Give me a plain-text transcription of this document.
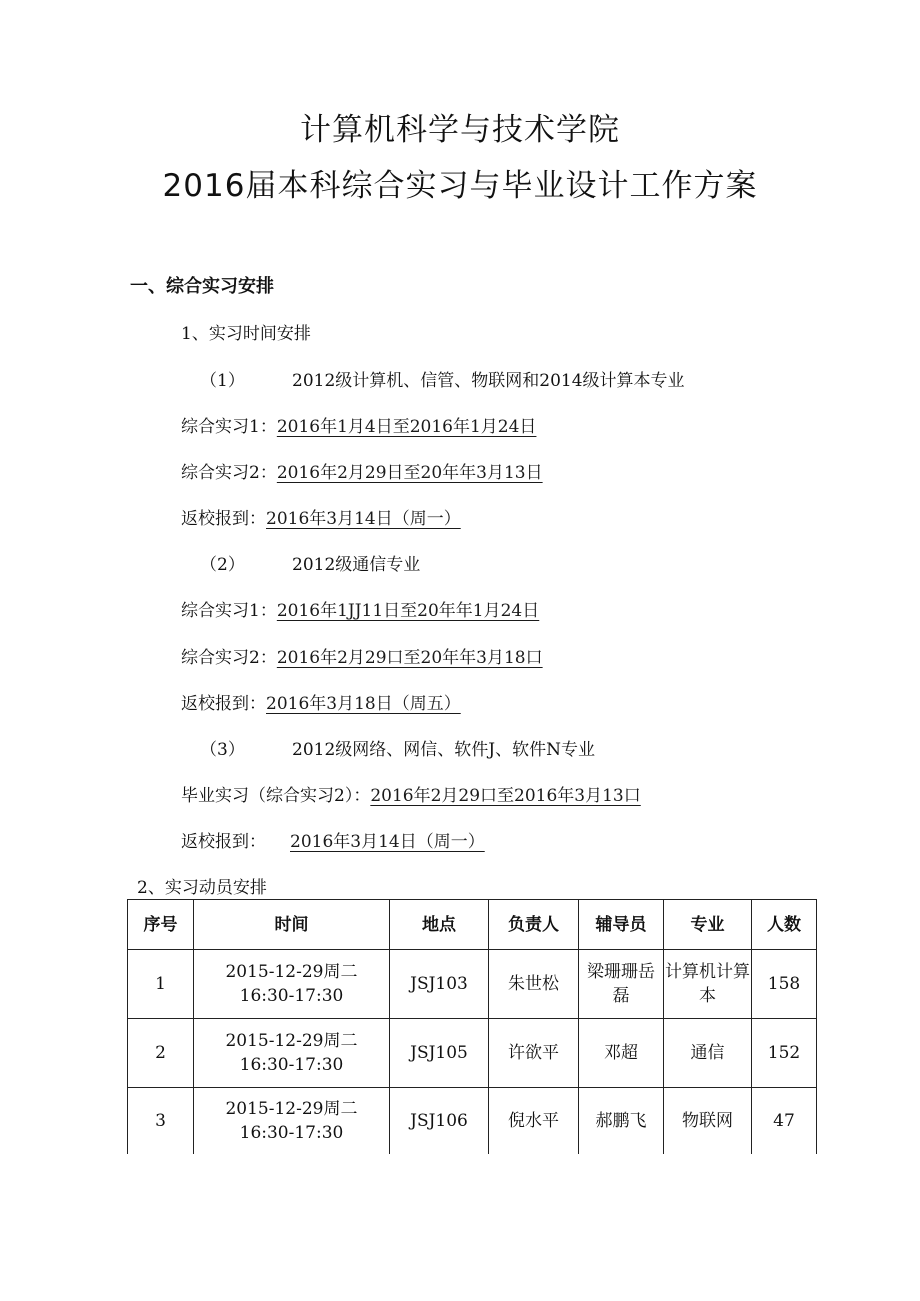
计算机科学与技术学院
2016届本科综合实习与毕业设计工作方案
一、综合实习安排
1、实习时间安排
（1）	2012级计算机、信管、物联网和2014级计算本专业
综合实习1：2016年1月4日至2016年1月24日
综合实习2：2016年2月29日至20年年3月13日
返校报到：2016年3月14日（周一）
（2）	2012级通信专业
综合实习1：2016年1JJ11日至20年年1月24日
综合实习2：2016年2月29口至20年年3月18口
返校报到：2016年3月18日（周五）
（3）	2012级网络、网信、软件J、软件N专业
毕业实习（综合实习2）：2016年2月29口至2016年3月13口
返校报到： 2016年3月14日（周一）
2、实习动员安排
序号	时间	地点	负责人	辅导员	专业	人数
1	2015-12-29周二
16:30-17:30	JSJ103	朱世松	梁珊珊岳磊	计算机计算本	158
2	2015-12-29周二
16:30-17:30	JSJ105	许欲平	邓超	通信	152
3	2015-12-29周二
16:30-17:30	JSJ106	倪水平	郝鹏飞	物联网	47
